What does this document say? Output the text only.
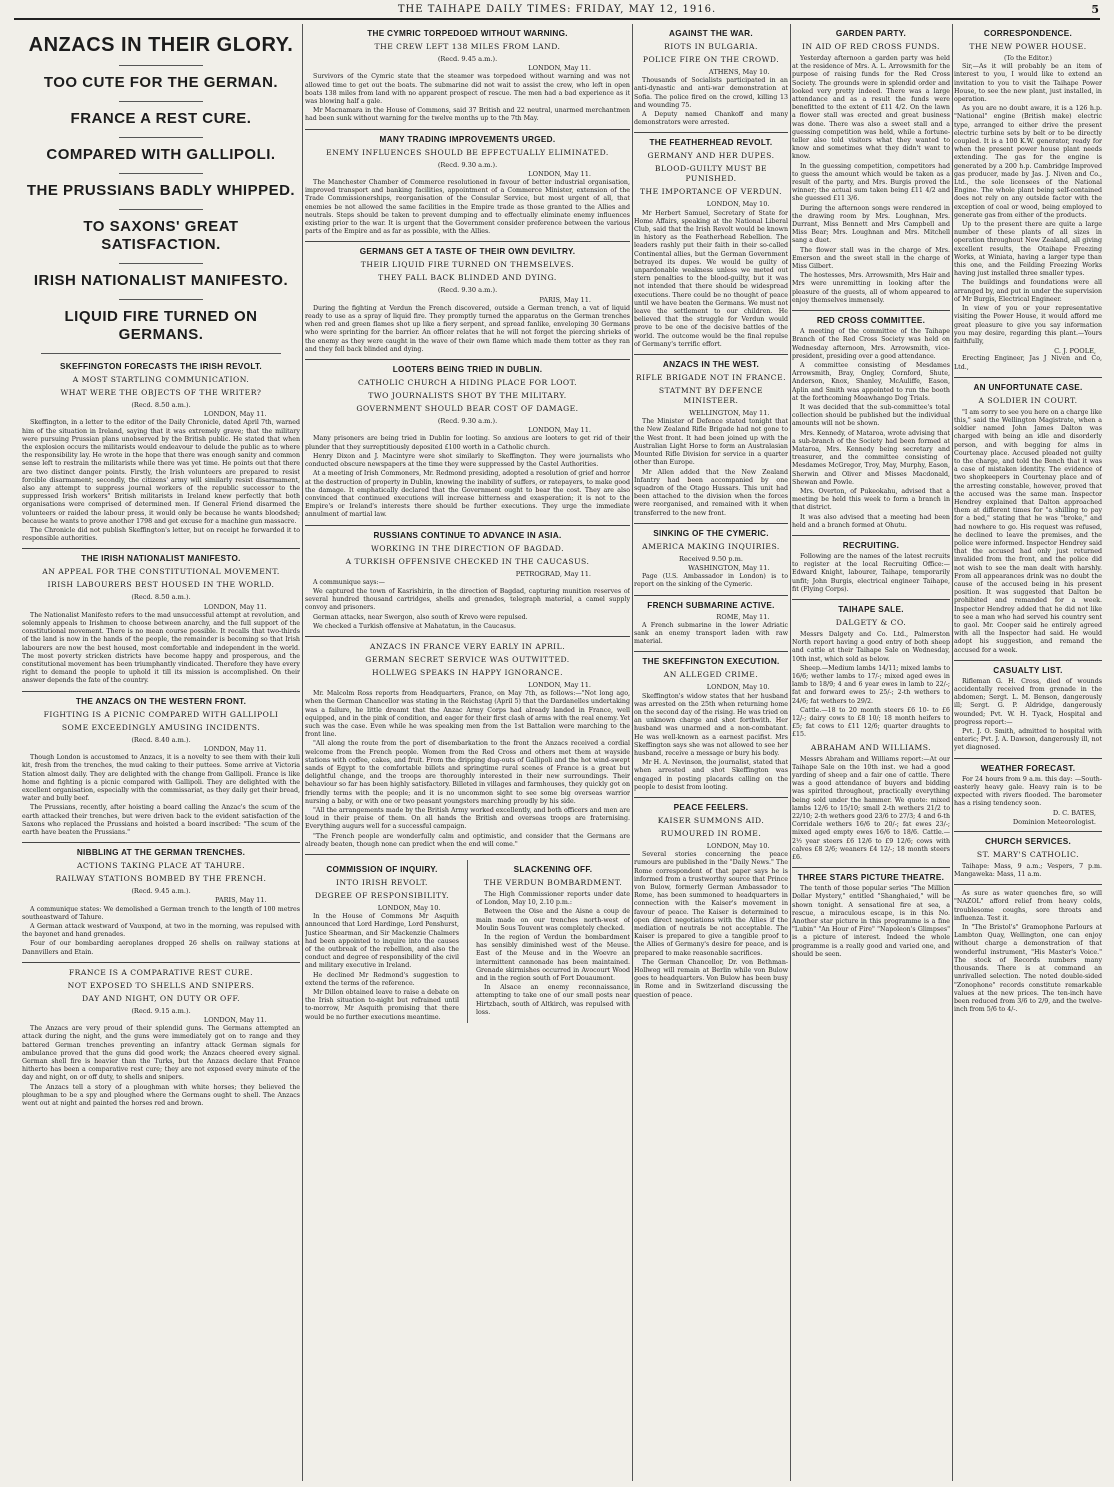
THE TAIHAPE DAILY TIMES:
FRIDAY, MAY 12, 1916.	5
ANZACS IN THEIR GLORY.
TOO CUTE FOR THE GERMAN.
FRANCE A REST CURE.
COMPARED WITH GALLIPOLI.
THE PRUSSIANS BADLY WHIPPED.
TO SAXONS' GREAT SATISFACTION.
IRISH NATIONALIST MANIFESTO.
LIQUID FIRE TURNED ON GERMANS.
SKEFFINGTON FORECASTS THE IRISH REVOLT.
A MOST STARTLING COMMUNICATION.
WHAT WERE THE OBJECTS OF THE WRITER?
(Recd. 8.50 a.m.).
LONDON, May 11.

Skeffington, in a letter to the editor of the Daily Chronicle, dated April 7th, warned him of the situation in Ireland, saying that it was extremely grave; that the military were pursuing Prussian plans unobserved by the British public. He stated that when the explosion occurs the militarists would endeavour to delude the public as to where the responsibility lay. He wrote in the hope that there was enough sanity and common sense left to restrain the militarists while there was yet time. He points out that there are two distinct danger points. Firstly, the Irish volunteers are prepared to resist forcible disarmament; secondly, the citizens' army will similarly resist disarmament, also any attempt to suppress journal workers of the republic successor to the suppressed Irish workers" British militarists in Ireland knew perfectly that both organisations were comprised of determined men. If General Friend disarmed the volunteers or raided the labour press, it would only be because he wants bloodshed; because he wants to prove another 1798 and get excuse for a machine gun massacre.

The Chronicle did not publish Skeffington's letter, but on receipt he forwarded it to responsible authorities.

THE IRISH NATIONALIST MANIFESTO.
AN APPEAL FOR THE CONSTITUTIONAL MOVEMENT.
IRISH LABOURERS BEST HOUSED IN THE WORLD.
(Recd. 8.50 a.m.).
LONDON, May 11.

The Nationalist Manifesto refers to the mad unsuccessful attempt at revolution, and solemnly appeals to Irishmen to choose between anarchy, and the full support of the constitutional movement. There is no mean course possible. It recalls that two-thirds of the land is now in the hands of the people, the remainder is becoming so that Irish labourers are now the best housed, most comfortable and independent in the world. The most poverty stricken districts have become happy and prosperous, and the constitutional movement has been triumphantly vindicated. Therefore they have every right to demand the people to uphold it till its mission is accomplished. On their answer depends the fate of the country.

THE ANZACS ON THE WESTERN FRONT.
FIGHTING IS A PICNIC COMPARED WITH GALLIPOLI
SOME EXCEEDINGLY AMUSING INCIDENTS.
(Recd. 8.40 a.m.).
LONDON, May 11.

Though London is accustomed to Anzacs, it is a novelty to see them with their kuli kit, fresh from the trenches, the mud caking to their puttees. Some arrive at Victoria Station almost daily. They are delighted with the change from Gallipoli. France is like home and fighting is a picnic compared with Gallipoli. They are delighted with the excellent organisation, especially with the commissariat, as they daily get their bread, water and bully beef.

The Prussians, recently, after hoisting a board calling the Anzac's the scum of the earth attacked their trenches, but were driven back to the evident satisfaction of the Saxons who replaced the Prussians and hoisted a board inscribed: "The scum of the earth have beaten the Prussians."

NIBBLING AT THE GERMAN TRENCHES.
ACTIONS TAKING PLACE AT TAHURE.
RAILWAY STATIONS BOMBED BY THE FRENCH.
(Recd. 9.45 a.m.).
PARIS, May 11.

A communique states: We demolished a German trench to the length of 100 metres southeastward of Tahure.

A German attack westward of Vauxpond, at two in the morning, was repulsed with the bayonet and hand grenades.

Four of our bombarding aeroplanes dropped 26 shells on railway stations at Dannvillers and Etain.

FRANCE IS A COMPARATIVE REST CURE.
NOT EXPOSED TO SHELLS AND SNIPERS.
DAY AND NIGHT, ON DUTY OR OFF.
(Recd. 9.15 a.m.).
LONDON, May 11.

The Anzacs are very proud of their splendid guns. The Germans attempted an attack during the night, and the guns were immediately got on to range and they battered German trenches preventing an infantry attack German signals for ambulance proved that the guns did good work; the Anzacs cheered every signal. German shell fire is heavier than the Turks, but the Anzacs declare that France hitherto has been a comparative rest cure; they are not exposed every minute of the day and night, on or off duty, to shells and snipers.

The Anzacs tell a story of a ploughman with white horses; they believed the ploughman to be a spy and ploughed where the Germans ought to shell. The Anzacs went out at night and painted the horses red and brown.

THE CYMRIC TORPEDOED WITHOUT WARNING.
THE CREW LEFT 138 MILES FROM LAND.
(Recd. 9.45 a.m.).
LONDON, May 11.

Survivors of the Cymric state that the steamer was torpedoed without warning and was not allowed time to get out the boats. The submarine did not wait to assist the crew, who left in open boats 138 miles from land with no apparent prospect of rescue. The men had a bad experience as it was blowing half a gale.

Mr Macnamara in the House of Commons, said 37 British and 22 neutral, unarmed merchantmen had been sunk without warning for the twelve months up to the 7th May.

MANY TRADING IMPROVEMENTS URGED.
ENEMY INFLUENCES SHOULD BE EFFECTUALLY ELIMINATED.
(Recd. 9.30 a.m.).
LONDON, May 11.

The Manchester Chamber of Commerce resolutioned in favour of better industrial organisation, improved transport and banking facilities, appointment of a Commerce Minister, extension of the Trade Commissionerships, reorganisation of the Consular Service, but most urgent of all, that enemies be not allowed the same facilities in the Empire trade as those granted to the Allies and neutrals. Steps should be taken to prevent dumping and to effectually eliminate enemy influences existing prior to the war. It is urgent that the Government consider preference between the various parts of the Empire and as far as possible, with the Allies.

GERMANS GET A TASTE OF THEIR OWN DEVILTRY.
THEIR LIQUID FIRE TURNED ON THEMSELVES.
THEY FALL BACK BLINDED AND DYING.
(Recd. 9.30 a.m.).
PARIS, May 11.

During the fighting at Verdun the French discovered, outside a German trench, a vat of liquid ready to use as a spray of liquid fire. They promptly turned the apparatus on the German trenches when red and green flames shot up like a fiery serpent, and spread fanlike, enveloping 30 Germans who were sprinting for the barrier. An officer relates that he will not forget the piercing shrieks of the enemy as they were caught in the wave of their own flame which made them totter as they ran and they fell back blinded and dying.

LOOTERS BEING TRIED IN DUBLIN.
CATHOLIC CHURCH A HIDING PLACE FOR LOOT.
TWO JOURNALISTS SHOT BY THE MILITARY.
GOVERNMENT SHOULD BEAR COST OF DAMAGE.
(Recd. 9.30 a.m.).
LONDON, May 11.

Many prisoners are being tried in Dublin for looting. So anxious are looters to get rid of their plunder that they surreptitiously deposited £100 worth in a Catholic church.

Henry Dixon and J. Macintyre were shot similarly to Skeffington. They were journalists who conducted obscure newspapers at the time they were suppressed by the Castel Authorities.

At a meeting of Irish Commoners, Mr. Redmond presiding, adopted a resolution of grief and horror at the destruction of property in Dublin, knowing the inability of suffers, or ratepayers, to make good the damage. It emphatically declared that the Government ought to bear the cost. They are also convinced that continued executions will increase bitterness and exasperation; it is not to the Empire's or Ireland's interests there should be further executions. They urge the immediate annulment of martial law.

RUSSIANS CONTINUE TO ADVANCE IN ASIA.
WORKING IN THE DIRECTION OF BAGDAD.
A TURKISH OFFENSIVE CHECKED IN THE CAUCASUS.
PETROGRAD, May 11.

A communique says:—

We captured the town of Kasrishirin, in the direction of Bagdad, capturing munition reserves of several hundred thousand cartridges, shells and grenades, telegraph material, a camel supply convoy and prisoners.

German attacks, near Swergon, also south of Krevo were repulsed.

We checked a Turkish offensive at Mahatatun, in the Caucasus.

ANZACS IN FRANCE VERY EARLY IN APRIL.
GERMAN SECRET SERVICE WAS OUTWITTED.
HOLLWEG SPEAKS IN HAPPY IGNORANCE.
LONDON, May 11.

Mr. Malcolm Ross reports from Headquarters, France, on May 7th, as follows:—"Not long ago, when the German Chancellor was stating in the Reichstag (April 5) that the Dardanelles undertaking was a failure, he little dreamt that the Anzac Army Corps had already landed in France, well equipped, and in the pink of condition, and eager for their first clash of arms with the real enemy. Yet such was the case. Even while he was speaking men from the 1st Battalion were marching to the front line.

"All along the route from the port of disembarkation to the front the Anzacs received a cordial welcome from the French people. Women from the Red Cross and others met them at wayside stations with coffee, cakes, and fruit. From the dripping dug-outs of Gallipoli and the hot wind-swept sands of Egypt to the comfortable billets and springtime rural scenes of France is a great but delightful change, and the troops are thoroughly interested in their new surroundings. Their behaviour so far has been highly satisfactory. Billeted in villages and farmhouses, they quickly got on friendly terms with the people; and it is no uncommon sight to see some big overseas warrior nursing a baby, or with one or two peasant youngsters marching proudly by his side.

"All the arrangements made by the British Army worked excellently, and both officers and men are loud in their praise of them. On all hands the British and overseas troops are fraternising. Everything augurs well for a successful campaign.

"The French people are wonderfully calm and optimistic, and consider that the Germans are already beaten, though none can predict when the end will come."

COMMISSION OF INQUIRY.
INTO IRISH REVOLT.
DEGREE OF RESPONSIBILITY.
LONDON, May 10.

In the House of Commons Mr Asquith announced that Lord Hardinge, Lord Penshurst, Justice Shearman, and Sir Mackenzie Chalmers had been appointed to inquire into the causes of the outbreak of the rebellion, and also the conduct and degree of responsibility of the civil and military executive in Ireland.

He declined Mr Redmond's suggestion to extend the terms of the reference.

Mr Dillon obtained leave to raise a debate on the Irish situation to-night but refrained until to-morrow, Mr Asquith promising that there would be no further executions meantime.

SLACKENING OFF.
THE VERDUN BOMBARDMENT.

The High Commissioner reports under date of London, May 10, 2.10 p.m.:

Between the Oise and the Aisne a coup de main made on our trenches north-west of Moulin Sous Touvent was completely checked.

In the region of Verdun the bombardment has sensibly diminished west of the Meuse. East of the Meuse and in the Woevre an intermittent cannonade has been maintained. Grenade skirmishes occurred in Avocourt Wood and in the region south of Fort Douaumont.

In Alsace an enemy reconnaissance, attempting to take one of our small posts near Hirtzbach, south of Altkirch, was repulsed with loss.

AGAINST THE WAR.
RIOTS IN BULGARIA.
POLICE FIRE ON THE CROWD.
ATHENS, May 10.

Thousands of Socialists participated in an anti-dynastic and anti-war demonstration at Sofia. The police fired on the crowd, killing 13 and wounding 75.

A Deputy named Chankoff and many demonstrators were arrested.

THE FEATHERHEAD REVOLT.
GERMANY AND HER DUPES.
BLOOD-GUILTY MUST BE PUNISHED.
THE IMPORTANCE OF VERDUN.
LONDON, May 10.

Mr Herbert Samuel, Secretary of State for Home Affairs, speaking at the National Liberal Club, said that the Irish Revolt would be known in history as the Featherhead Rebellion. The leaders rashly put their faith in their so-called Continental allies, but the German Government betrayed its dupes. We would be guilty of unpardonable weakness unless we meted out stern penalties to the blood-guilty, but it was not intended that there should be widespread executions. There could be no thought of peace until we have beaten the Germans. We must not leave the settlement to our children. He believed that the struggle for Verdun would prove to be one of the decisive battles of the world. The outcome would be the final repulse of Germany's terrific effort.

ANZACS IN THE WEST.
RIFLE BRIGADE NOT IN FRANCE.
STATMNT BY DEFENCE MINISTEER.
WELLINGTON, May 11.

The Minister of Defence stated tonight that the New Zealand Rifle Brigade had not gone to the West front. It had been joined up with the Australian Light Horse to form an Australasian Mounted Rifle Division for service in a quarter other than Europe.

Mr Allen added that the New Zealand Infantry had been accompanied by one squadron of the Otago Hussars. This unit had been attached to the division when the forces were reorganised, and remained with it when transferred to the new front.

SINKING OF THE CYMERIC.
AMERICA MAKING INQUIRIES.
Received 9.50 p.m.
WASHINGTON, May 11.

Page (U.S. Ambassador in London) is to report on the sinking of the Cymeric.

FRENCH SUBMARINE ACTIVE.
ROME, May 11.

A French submarine in the lower Adriatic sank an enemy transport laden with raw material.

THE SKEFFINGTON EXECUTION.
AN ALLEGED CRIME.
LONDON, May 10.

Skeffington's widow states that her husband was arrested on the 25th when returning home on the second day of the rising. He was tried on an unknown charge and shot forthwith. Her husband was unarmed and a non-combatant. He was well-known as a earnest pacifist. Mrs Skeffington says she was not allowed to see her husband, receive a message or bury his body.

Mr H. A. Nevinson, the journalist, stated that when arrested and shot Skeffington was engaged in posting placards calling on the people to desist from looting.

PEACE FEELERS.
KAISER SUMMONS AID.
RUMOURED IN ROME.
LONDON, May 10.

Several stories concerning the peace rumours are published in the "Daily News." The Rome correspondent of that paper says he is informed from a trustworthy source that Prince von Bulow, formerly German Ambassador to Rome, has been summoned to headquarters in connection with the Kaiser's movement in favour of peace. The Kaiser is determined to open direct negotiations with the Allies if the mediation of neutrals be not acceptable. The Kaiser is prepared to give a tangible proof to the Allies of Germany's desire for peace, and is prepared to make reasonable sacrifices.

The German Chancellor, Dr. von Bethman-Hollweg will remain at Berlin while von Bulow goes to headquarters. Von Bulow has been busy in Rome and in Switzerland discussing the question of peace.

GARDEN PARTY.
IN AID OF RED CROSS FUNDS.

Yesterday afternoon a garden party was held at the residence of Mrs. A. L. Arrowsmith for the purpose of raising funds for the Red Cross Society. The grounds were in splendid order and looked very pretty indeed. There was a large attendance and as a result the funds were benefitted to the extent of £11 4/2. On the lawn a flower stall was erected and great business was done. There was also a sweet stall and a guessing competition was held, while a fortune-teller also told visitors what they wanted to know and sometimes what they didn't want to know.

In the guessing competition, competitors had to guess the amount which would be taken as a result of the party, and Mrs. Burgis proved the winner; the actual sum taken being £11 4/2 and she guessed £11 3/6.

During the afternoon songs were rendered in the drawing room by Mrs. Loughnan, Mrs. Durrant, Miss Bennett and Mrs Campbell and Miss Bear; Mrs. Loughnan and Mrs. Mitchell sang a duet.

The flower stall was in the charge of Mrs. Emerson and the sweet stall in the charge of Miss Gilbert.

The hostesses, Mrs. Arrowsmith, Mrs Hair and Mrs were unremitting in looking after the pleasure of the guests, all of whom appeared to enjoy themselves immensely.

RED CROSS COMMITTEE.

A meeting of the committee of the Taihape Branch of the Red Cross Society was held on Wednesday afternoon, Mrs. Arrowsmith, vice-president, presiding over a good attendance.

A committee consisting of Mesdames Arrowsmith, Bray, Ongley, Cornford, Shute, Anderson, Knox, Shanley, McAuliffe, Eason, Aplin and Smith was appointed to run the booth at the forthcoming Moawhango Dog Trials.

It was decided that the sub-committee's total collection should be published but the individual amounts will not be shown.

Mrs. Kennedy, of Mataroa, wrote advising that a sub-branch of the Society had been formed at Mataroa, Mrs. Kennedy being secretary and treasurer, and the committee consisting of Mesdames McGregor, Troy, May, Murphy, Eason, Sherwin and Oliver and Misses Macdonald, Shewan and Powle.

Mrs. Overton, of Pukeokahu, advised that a meeting be held this week to form a branch in that district.

It was also advised that a meeting had been held and a branch formed at Ohutu.

RECRUITING.

Following are the names of the latest recruits to register at the local Recruiting Office:—Edward Knight, labourer, Taihape, temporarily unfit; John Burgis, electrical engineer Taihape, fit (Flying Corps).

TAIHAPE SALE.
DALGETY & CO.

Messrs Dalgety and Co. Ltd., Palmerston North report having a good entry of both sheep and cattle at their Taihape Sale on Wednesday, 10th inst, which sold as below.

Sheep.—Medium lambs 14/11; mixed lambs to 16/6; wether lambs to 17/-; mixed aged ewes in lamb to 18/9; 4 and 6 year ewes in lamb to 22/-; fat and forward ewes to 25/-; 2-th wethers to 24/6; fat wethers to 29/2.

Cattle.—18 to 20 month steers £6 10- to £6 12/-; dairy cows to £8 10/; 18 month heifers to £5; fat cows to £11 12/6; quarter draughts to £15.

ABRAHAM AND WILLIAMS.

Messrs Abraham and Williams report:—At our Taihape Sale on the 10th inst. we had a good yarding of sheep and a fair one of cattle. There was a good attendance of buyers and bidding was spirited throughout, practically everything being sold under the hammer. We quote: mixed lambs 12/6 to 15/10; small 2-th wethers 21/2 to 22/10; 2-th wethers good 23/6 to 27/3; 4 and 6-th Corridale wethers 16/6 to 20/-; fat ewes 23/-; mixed aged empty ewes 16/6 to 18/6. Cattle.—2½ year steers £6 12/6 to £9 12/6; cows with calves £8 2/6; weaners £4 12/-; 18 month steers £6.

THREE STARS PICTURE THEATRE.

The tenth of those popular series "The Million Dollar Mystery," entitled "Shanghaied," will be shown tonight. A sensational fire at sea, a rescue, a miraculous escape, is in this No. Another star picture in this programme is a fine "Lubin" "An Hour of Fire" "Napoleon's Glimpses" is a picture of interest. Indeed the whole programme is a really good and varied one, and should be seen.

CORRESPONDENCE.
THE NEW POWER HOUSE.
(To the Editor.)

Sir,—As it will probably be an item of interest to you, I would like to extend an invitation to you to visit the Taihape Power House, to see the new plant, just installed, in operation.

As you are no doubt aware, it is a 126 h.p. "National" engine (British make) electric type, arranged to either drive the present electric turbine sets by belt or to be directly coupled. It is a 100 K.W. generator, ready for when the present power house plant needs extending. The gas for the engine is generated by a 200 h.p. Cambridge Improved gas producer, made by Jas. J. Niven and Co., Ltd., the sole licensees of the National Engine. The whole plant being self-contained does not rely on any outside factor with the exception of coal or wood, being employed to generate gas from either of the products.

Up to the present there are quite a large number of these plants of all sizes in operation throughout New Zealand, all giving excellent results, the Otaihape Freezing Works, at Winiata, having a larger type than this one, and the Feilding Freezing Works having just installed three smaller types.

The buildings and foundations were all arranged by, and put in under the supervision of Mr Burgis, Electrical Engineer.

In view of you or your representative visiting the Power House, it would afford me great pleasure to give you say information you may desire, regarding this plant.—Yours faithfully,

C. J. POOLE,

Erecting Engineer, Jas J Niven and Co, Ltd.,

AN UNFORTUNATE CASE.
A SOLDIER IN COURT.

"I am sorry to see you here on a charge like this," said the Wellington Magistrate, when a soldier named John James Dalton was charged with being an idle and disorderly person, and with begging for alms in Courtenay place. Accused pleaded not guilty to the charge, and told the Bench that it was a case of mistaken identity. The evidence of two shopkeepers in Courtenay place and of the arresting constable, however, proved that the accused was the same man. Inspector Hendrey explained that Dalton approached them at different times for "a shilling to pay for a bed," stating that he was "broke," and had nowhere to go. His request was refused, he declined to leave the premises, and the police were informed. Inspector Hendrey said that the accused had only just returned invalided from the front, and the police did not wish to see the man dealt with harshly. From all appearances drink was no doubt the cause of the accused being in his present position. It was suggested that Dalton be prohibited and remanded for a week. Inspector Hendrey added that he did not like to see a man who had served his country sent to gaol. Mr. Cooper said he entirely agreed with all the Inspector had said. He would adopt his suggestion, and remand the accused for a week.

CASUALTY LIST.

Rifleman G. H. Cross, died of wounds accidentally received from grenade in the abdomen; Sergt. L. M. Benson, dangerously ill; Sergt. G. P. Aldridge, dangerously wounded; Pvt. W. H. Tyack, Hospital and progress report:—

Pvt. J. O. Smith, admitted to hospital with enteric; Pvt. J. A. Dawson, dangerously ill, not yet diagnosed.

WEATHER FORECAST.

For 24 hours from 9 a.m. this day: —South-easterly heavy gale. Heavy rain is to be expected with rivers flooded. The barometer has a rising tendency soon.

D. C. BATES,
Dominion Meteorologist.
CHURCH SERVICES.
ST. MARY'S CATHOLIC.

Taihape: Mass, 9 a.m.; Vespers, 7 p.m. Mangaweka: Mass, 11 a.m.

As sure as water quenches fire, so will "NAZOL" afford relief from heavy colds, troublesome coughs, sore throats and influenza. Test it.

In "The Bristol's" Gramophone Parlours at Lambton Quay, Wellington, one can enjoy without charge a demonstration of that wonderful instrument, "His Master's Voice." The stock of Records numbers many thousands. There is at command an unrivalled selection. The noted double-sided "Zonophone" records constitute remarkable values at the new prices. The ten-inch have been reduced from 3/6 to 2/9, and the twelve-inch from 5/6 to 4/-.
